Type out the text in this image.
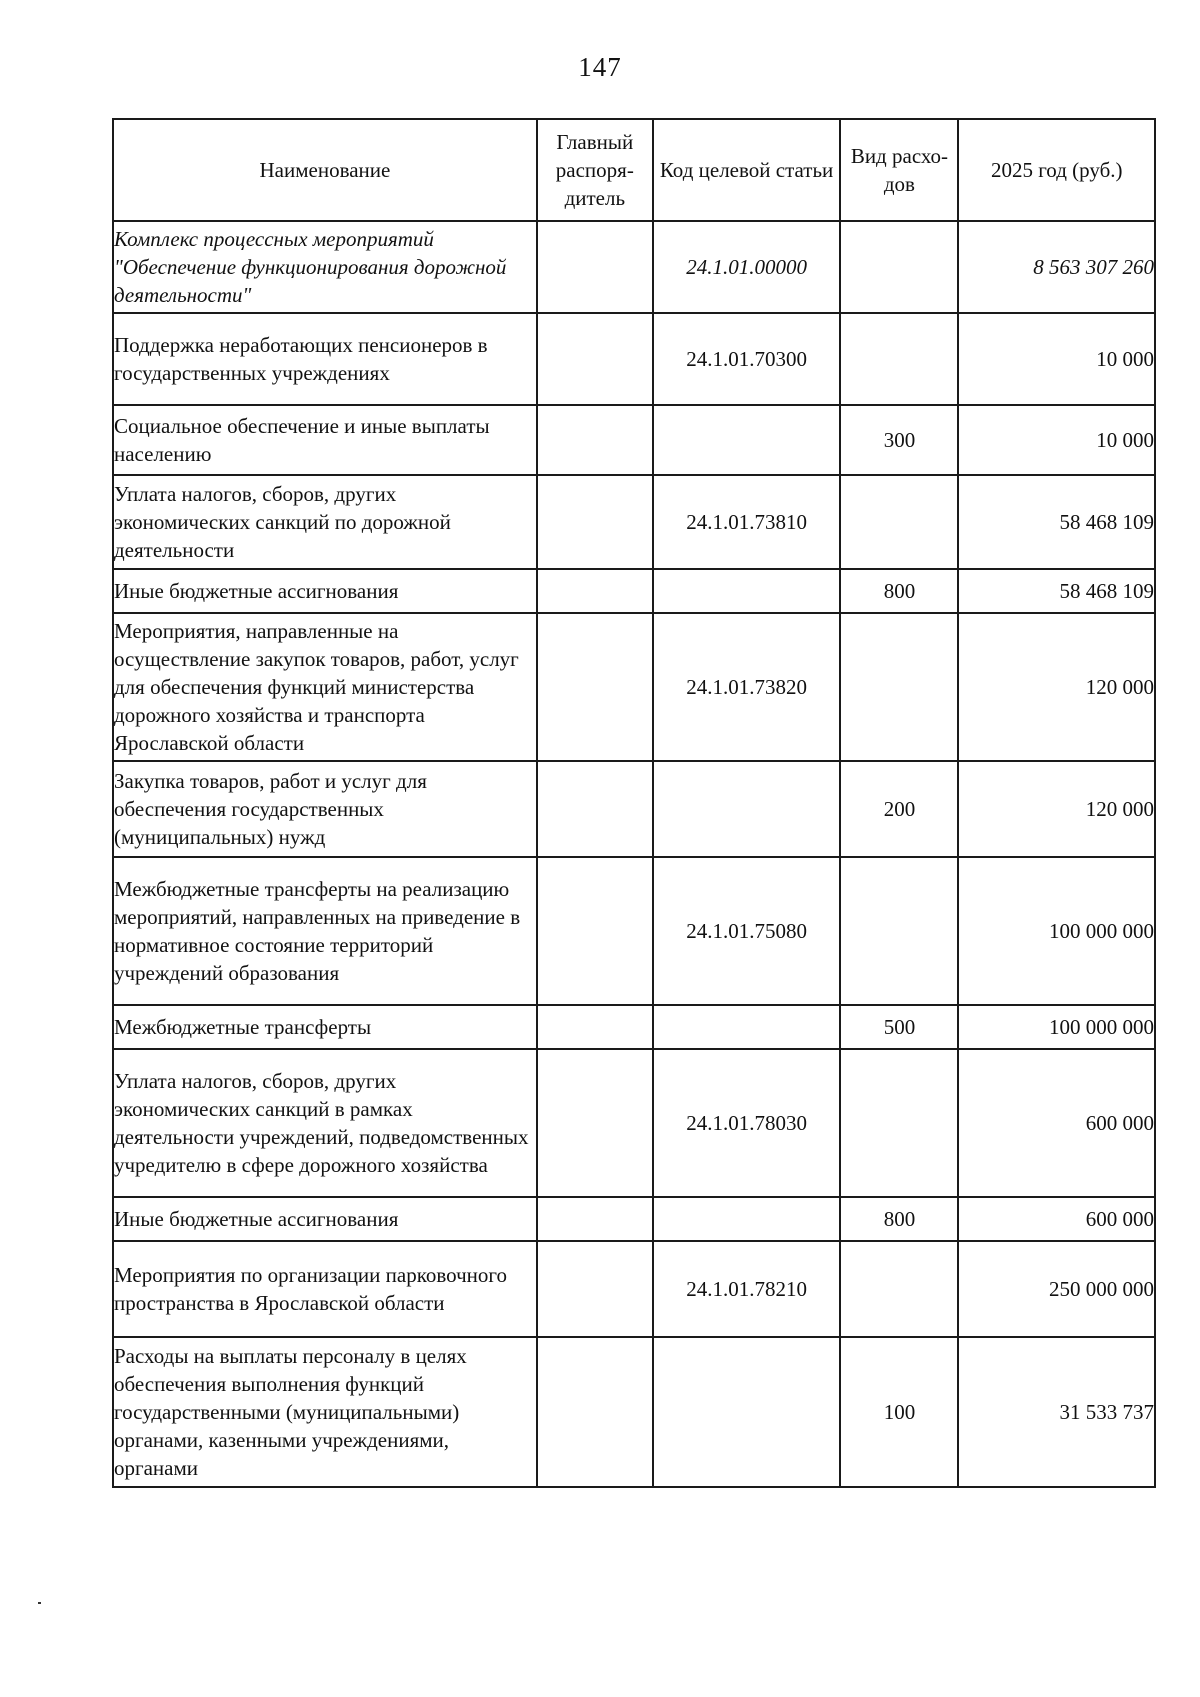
147
Наименование	Главный распоря-дитель	Код целевой статьи	Вид расхо-дов	2025 год (руб.)
Комплекс процессных мероприятий "Обеспечение функционирования дорожной деятельности"		24.1.01.00000		8 563 307 260
Поддержка неработающих пенсионеров в государственных учреждениях		24.1.01.70300		10 000
Социальное обеспечение и иные выплаты населению			300	10 000
Уплата налогов, сборов, других экономических санкций по дорожной деятельности		24.1.01.73810		58 468 109
Иные бюджетные ассигнования			800	58 468 109
Мероприятия, направленные на осуществление закупок товаров, работ, услуг для обеспечения функций министерства дорожного хозяйства и транспорта Ярославской области		24.1.01.73820		120 000
Закупка товаров, работ и услуг для обеспечения государственных (муниципальных) нужд			200	120 000
Межбюджетные трансферты на реализацию мероприятий, направленных на приведение в нормативное состояние территорий учреждений образования		24.1.01.75080		100 000 000
Межбюджетные трансферты			500	100 000 000
Уплата налогов, сборов, других экономических санкций в рамках деятельности учреждений, подведомственных учредителю в сфере дорожного хозяйства		24.1.01.78030		600 000
Иные бюджетные ассигнования			800	600 000
Мероприятия по организации парковочного пространства в Ярославской области		24.1.01.78210		250 000 000
Расходы на выплаты персоналу в целях обеспечения выполнения функций государственными (муниципальными) органами, казенными учреждениями, органами			100	31 533 737
